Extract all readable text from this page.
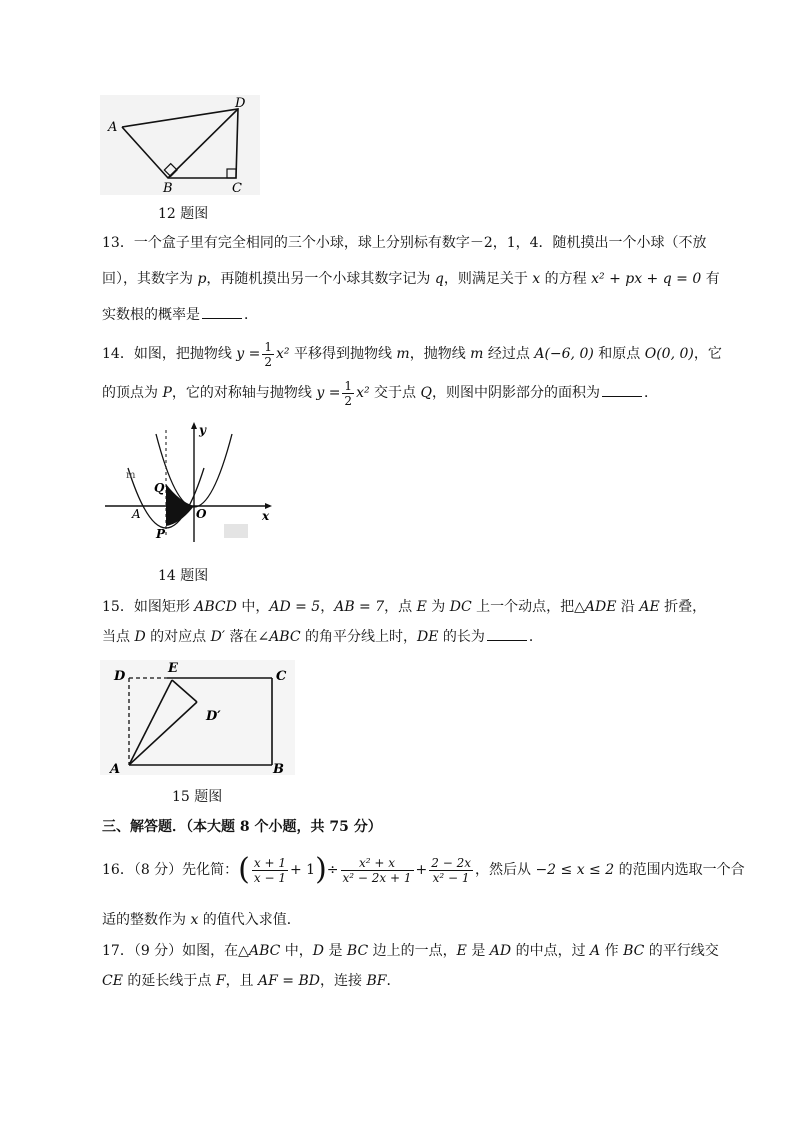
A
D
B	C
12 题图
13．一个盒子里有完全相同的三个小球，球上分别标有数字－2，1，4．随机摸出一个小球（不放
回），其数字为 p，再随机摸出另一个小球其数字记为 q，则满足关于 x 的方程 x² + px + q = 0 有
实数根的概率是	．
14．如图，把抛物线 $y = \frac{1}{2} x^2$ 平移得到抛物线 m，抛物线 m 经过点 A(−6, 0) 和原点 O(0, 0)，它
的顶点为 P，它的对称轴与抛物线 $y = \frac{1}{2} x^2$ 交于点 Q，则图中阴影部分的面积为	．
y
x
Q
A	O
P
m
14 题图
15．如图矩形 ABCD 中，AD = 5，AB = 7，点 E 为 DC 上一个动点，把△ADE 沿 AE 折叠，
当点 D 的对应点 D′ 落在∠ABC 的角平分线上时，DE 的长为	．
D
E
C
D′
A	B
15 题图
三、解答题．（本大题 8 个小题，共 75 分）
16．（8 分）先化简：( $\frac{x + 1}{x - 1} + 1)\div \frac{\text{x² + x}}{\text{x² − 2x + 1}} + \frac{2 - 2x}{\text{x² − 1}}$ ，然后从 −2 ≤ x ≤ 2 的范围内选取一个合
适的整数作为 x 的值代入求值．
17．（9 分）如图，在△ABC 中，D 是 BC 边上的一点，E 是 AD 的中点，过 A 作 BC 的平行线交
CE 的延长线于点 F，且 AF = BD，连接 BF．
